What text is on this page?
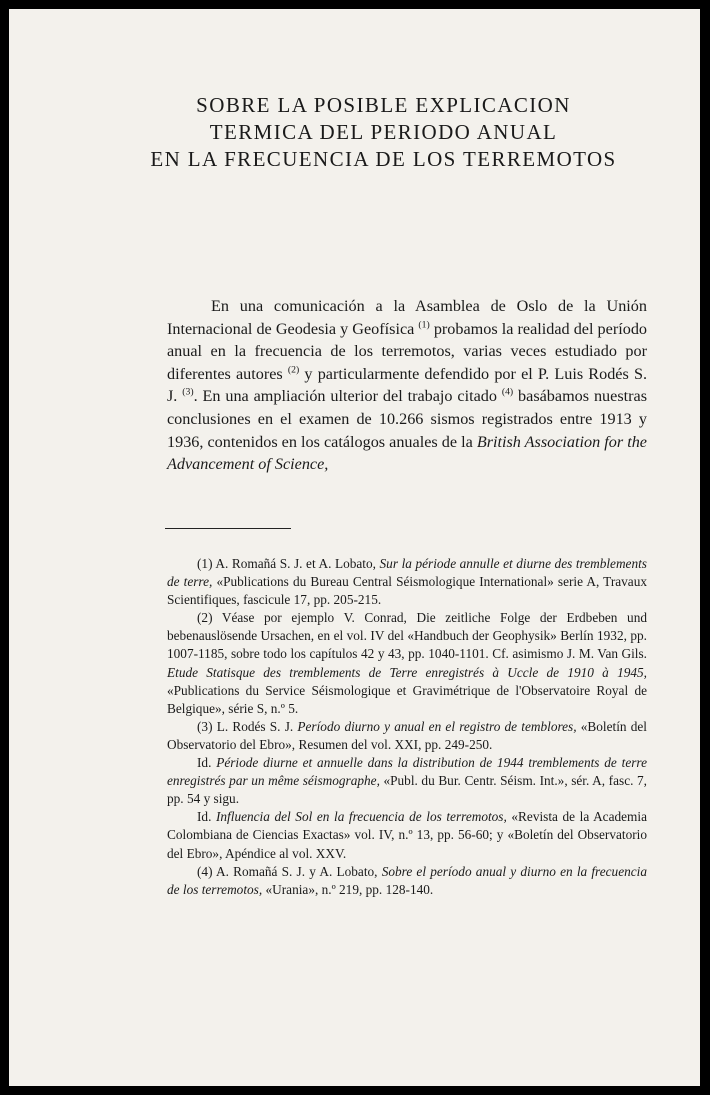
SOBRE LA POSIBLE EXPLICACION
TERMICA DEL PERIODO ANUAL
EN LA FRECUENCIA DE LOS TERREMOTOS

En una comunicación a la Asamblea de Oslo de la Unión Internacional de Geodesia y Geofísica $^{(1)}$ probamos la realidad del período anual en la frecuencia de los terremotos, varias veces estudiado por diferentes autores $^{(2)}$ y particularmente defendido por el P. Luis Rodés S. J. $^{(3)}$. En una ampliación ulterior del trabajo citado $^{(4)}$ basábamos nuestras conclusiones en el examen de 10.266 sismos registrados entre 1913 y 1936, contenidos en los catálogos anuales de la British Association for the Advancement of Science,

(1) A. Romañá S. J. et A. Lobato, Sur la période annulle et diurne des tremblements de terre, «Publications du Bureau Central Séismologique International» serie A, Travaux Scientifiques, fascicule 17, pp. 205-215.

(2) Véase por ejemplo V. Conrad, Die zeitliche Folge der Erdbeben und bebenauslösende Ursachen, en el vol. IV del «Handbuch der Geophysik» Berlín 1932, pp. 1007-1185, sobre todo los capítulos 42 y 43, pp. 1040-1101. Cf. asimismo J. M. Van Gils. Etude Statisque des tremblements de Terre enregistrés à Uccle de 1910 à 1945, «Publications du Service Séismologique et Gravimétrique de l'Observatoire Royal de Belgique», série S, n.º 5.

(3) L. Rodés S. J. Período diurno y anual en el registro de temblores, «Boletín del Observatorio del Ebro», Resumen del vol. XXI, pp. 249-250.

Id. Période diurne et annuelle dans la distribution de 1944 tremblements de terre enregistrés par un même séismographe, «Publ. du Bur. Centr. Séism. Int.», sér. A, fasc. 7, pp. 54 y sigu.

Id. Influencia del Sol en la frecuencia de los terremotos, «Revista de la Academia Colombiana de Ciencias Exactas» vol. IV, n.º 13, pp. 56-60; y «Boletín del Observatorio del Ebro», Apéndice al vol. XXV.

(4) A. Romañá S. J. y A. Lobato, Sobre el período anual y diurno en la frecuencia de los terremotos, «Urania», n.º 219, pp. 128-140.
